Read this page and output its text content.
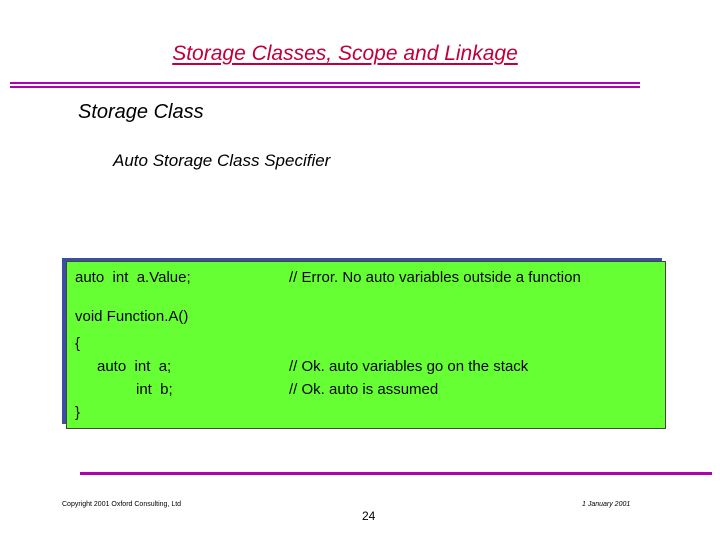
Storage Classes, Scope and Linkage
Storage Class
Auto Storage Class Specifier
auto  int  a.Value;	// Error. No auto variables outside a function
void Function.A()
{
auto  int  a;	// Ok. auto variables go on the stack
int  b;	// Ok. auto is assumed
}
Copyright 2001 Oxford Consulting, Ltd	1 January 2001
24
